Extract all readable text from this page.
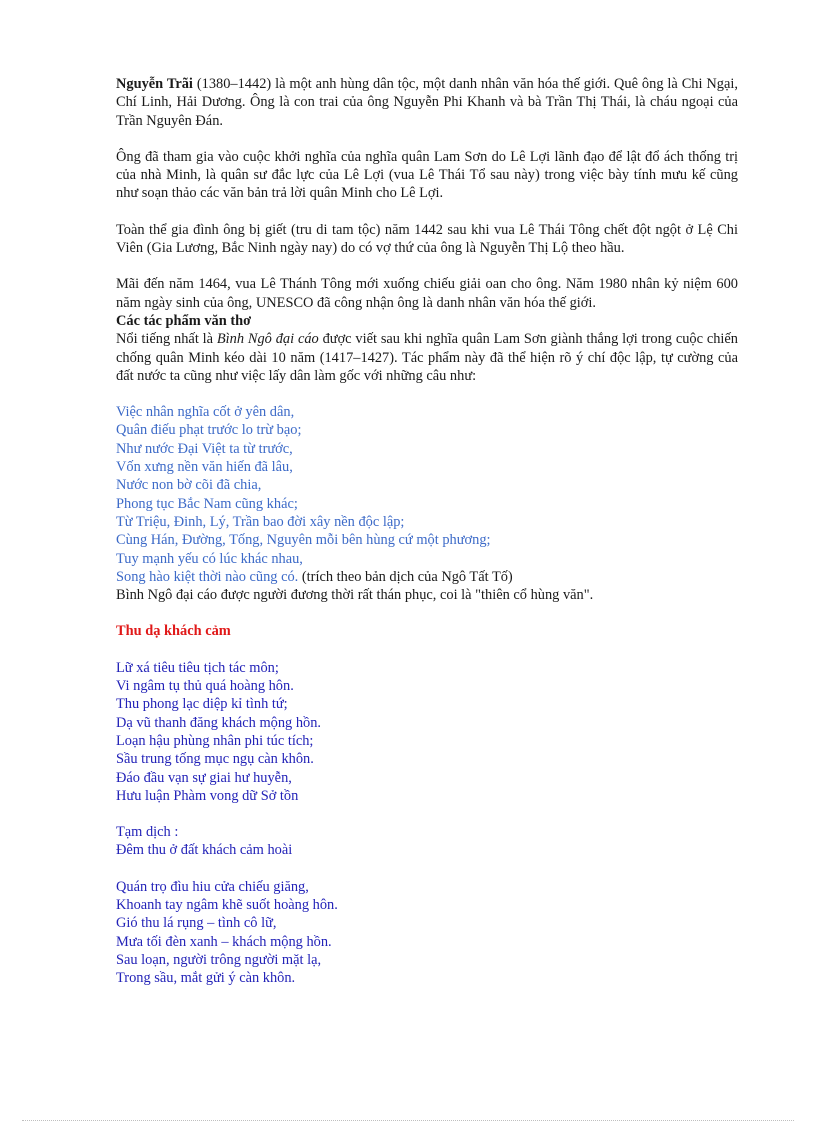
Nguyễn Trãi (1380–1442) là một anh hùng dân tộc, một danh nhân văn hóa thế giới. Quê ông là Chi Ngại, Chí Linh, Hải Dương. Ông là con trai của ông Nguyễn Phi Khanh và bà Trần Thị Thái, là cháu ngoại của Trần Nguyên Đán.

Ông đã tham gia vào cuộc khởi nghĩa của nghĩa quân Lam Sơn do Lê Lợi lãnh đạo để lật đổ ách thống trị của nhà Minh, là quân sư đắc lực của Lê Lợi (vua Lê Thái Tổ sau này) trong việc bày tính mưu kế cũng như soạn thảo các văn bản trả lời quân Minh cho Lê Lợi.

Toàn thể gia đình ông bị giết (tru di tam tộc) năm 1442 sau khi vua Lê Thái Tông chết đột ngột ở Lệ Chi Viên (Gia Lương, Bắc Ninh ngày nay) do có vợ thứ của ông là Nguyễn Thị Lộ theo hầu.

Mãi đến năm 1464, vua Lê Thánh Tông mới xuống chiếu giải oan cho ông. Năm 1980 nhân kỷ niệm 600 năm ngày sinh của ông, UNESCO đã công nhận ông là danh nhân văn hóa thế giới.

Các tác phẩm văn thơ

Nổi tiếng nhất là Bình Ngô đại cáo được viết sau khi nghĩa quân Lam Sơn giành thắng lợi trong cuộc chiến chống quân Minh kéo dài 10 năm (1417–1427). Tác phẩm này đã thể hiện rõ ý chí độc lập, tự cường của đất nước ta cũng như việc lấy dân làm gốc với những câu như:

Việc nhân nghĩa cốt ở yên dân,

Quân điếu phạt trước lo trừ bạo;

Như nước Đại Việt ta từ trước,

Vốn xưng nền văn hiến đã lâu,

Nước non bờ cõi đã chia,

Phong tục Bắc Nam cũng khác;

Từ Triệu, Đinh, Lý, Trần bao đời xây nền độc lập;

Cùng Hán, Đường, Tống, Nguyên mỗi bên hùng cứ một phương;

Tuy mạnh yếu có lúc khác nhau,

Song hào kiệt thời nào cũng có. (trích theo bản dịch của Ngô Tất Tố)

Bình Ngô đại cáo được người đương thời rất thán phục, coi là "thiên cổ hùng văn".

Thu dạ khách cảm

Lữ xá tiêu tiêu tịch tác môn;

Vi ngâm tụ thủ quá hoàng hôn.

Thu phong lạc diệp kỉ tình tứ;

Dạ vũ thanh đăng khách mộng hồn.

Loạn hậu phùng nhân phi túc tích;

Sầu trung tống mục ngụ càn khôn.

Đáo đầu vạn sự giai hư huyễn,

Hưu luận Phàm vong dữ Sở tồn

Tạm dịch :

Đêm thu ở đất khách cảm hoài

Quán trọ đìu hiu cửa chiếu giăng,

Khoanh tay ngâm khẽ suốt hoàng hôn.

Gió thu lá rụng – tình cô lữ,

Mưa tối đèn xanh – khách mộng hồn.

Sau loạn, người trông người mặt lạ,

Trong sầu, mắt gửi ý càn khôn.
